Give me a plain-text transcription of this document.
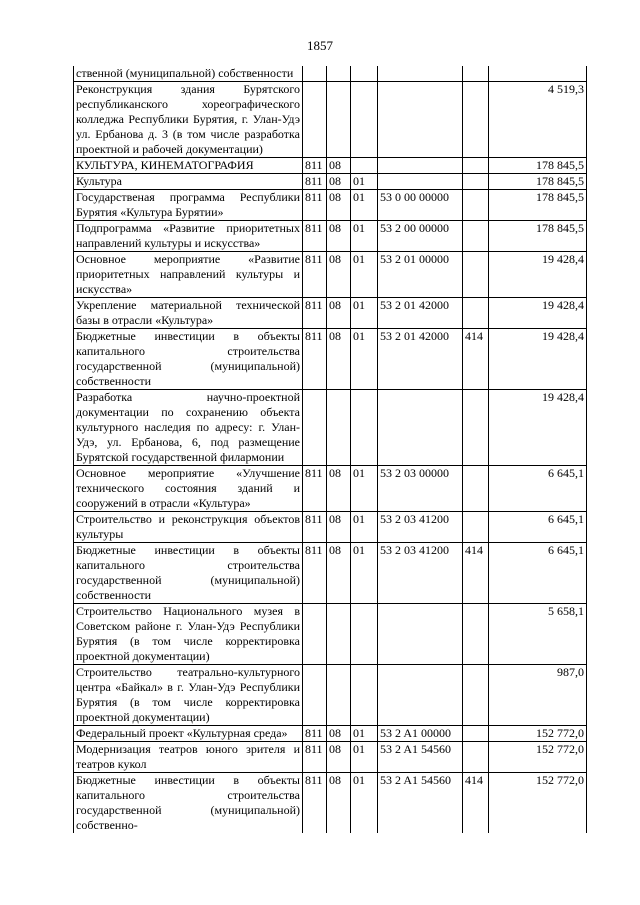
1857
ственной (муниципальной) собственности						
Реконструкция здания Бурятского республиканского хореографического колледжа Республики Бурятия, г. Улан-Удэ ул. Ербанова д. 3 (в том числе разработка проектной и рабочей документации)						4 519,3
КУЛЬТУРА, КИНЕМАТОГРАФИЯ	811	08				178 845,5
Культура	811	08	01			178 845,5
Государственая программа Республики Бурятия «Культура Бурятии»	811	08	01	53 0 00 00000		178 845,5
Подпрограмма «Развитие приоритетных направлений культуры и искусства»	811	08	01	53 2 00 00000		178 845,5
Основное мероприятие «Развитие приоритетных направлений культуры и искусства»	811	08	01	53 2 01 00000		19 428,4
Укрепление материальной технической базы в отрасли «Культура»	811	08	01	53 2 01 42000		19 428,4
Бюджетные инвестиции в объекты капитального строительства государственной (муниципальной) собственности	811	08	01	53 2 01 42000	414	19 428,4
Разработка научно-проектной документации по сохранению объекта культурного наследия по адресу: г. Улан-Удэ, ул. Ербанова, 6, под размещение Бурятской государственной филармонии						19 428,4
Основное мероприятие «Улучшение технического состояния зданий и сооружений в отрасли «Культура»	811	08	01	53 2 03 00000		6 645,1
Строительство и реконструкция объектов культуры	811	08	01	53 2 03 41200		6 645,1
Бюджетные инвестиции в объекты капитального строительства государственной (муниципальной) собственности	811	08	01	53 2 03 41200	414	6 645,1
Строительство Национального музея в Советском районе г. Улан-Удэ Республики Бурятия (в том числе корректировка проектной документации)						5 658,1
Строительство театрально-культурного центра «Байкал» в г. Улан-Удэ Республики Бурятия (в том числе корректировка проектной документации)						987,0
Федеральный проект «Культурная среда»	811	08	01	53 2 A1 00000		152 772,0
Модернизация театров юного зрителя и театров кукол	811	08	01	53 2 A1 54560		152 772,0
Бюджетные инвестиции в объекты капитального строительства государственной (муниципальной) собственно-	811	08	01	53 2 A1 54560	414	152 772,0
